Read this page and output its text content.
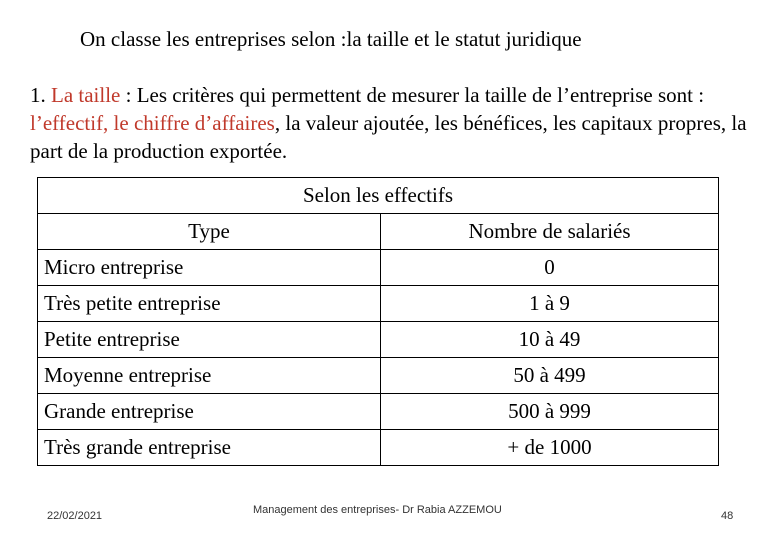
On classe les entreprises selon :la taille et le statut juridique
1. La taille : Les critères qui permettent de mesurer la taille de l’entreprise sont : l’effectif, le chiffre d’affaires, la valeur ajoutée, les bénéfices, les capitaux propres, la part de la production exportée.
Selon les effectifs	
Type	Nombre de salariés
Micro entreprise	0
Très petite entreprise	1 à 9
Petite entreprise	10 à 49
Moyenne entreprise	50 à 499
Grande entreprise	500 à 999
Très grande entreprise	+ de 1000
22/02/2021	Management des entreprises- Dr Rabia AZZEMOU	48
